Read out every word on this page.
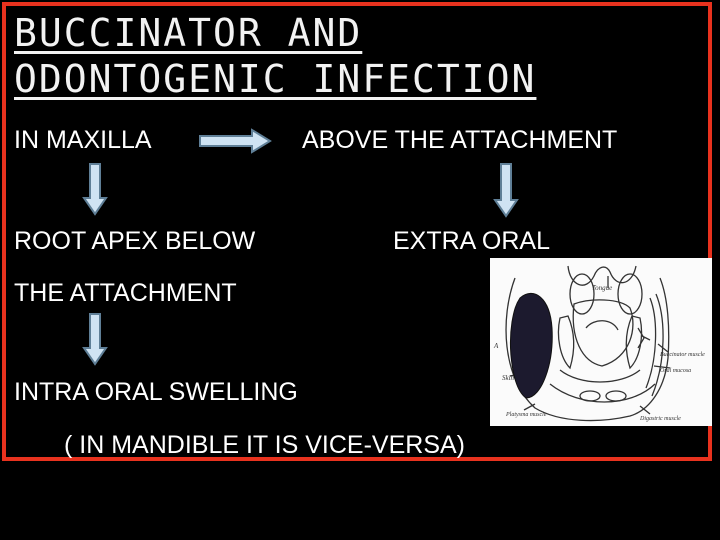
BUCCINATOR AND
ODONTOGENIC INFECTION
IN MAXILLA	ABOVE THE ATTACHMENT
ROOT APEX BELOW	EXTRA ORAL
THE ATTACHMENT
INTRA ORAL SWELLING
( IN MANDIBLE IT IS VICE-VERSA)
Tongue
Buccinator muscle
Oral mucosa
Skin
Platysma muscle
Digastric muscle
A
